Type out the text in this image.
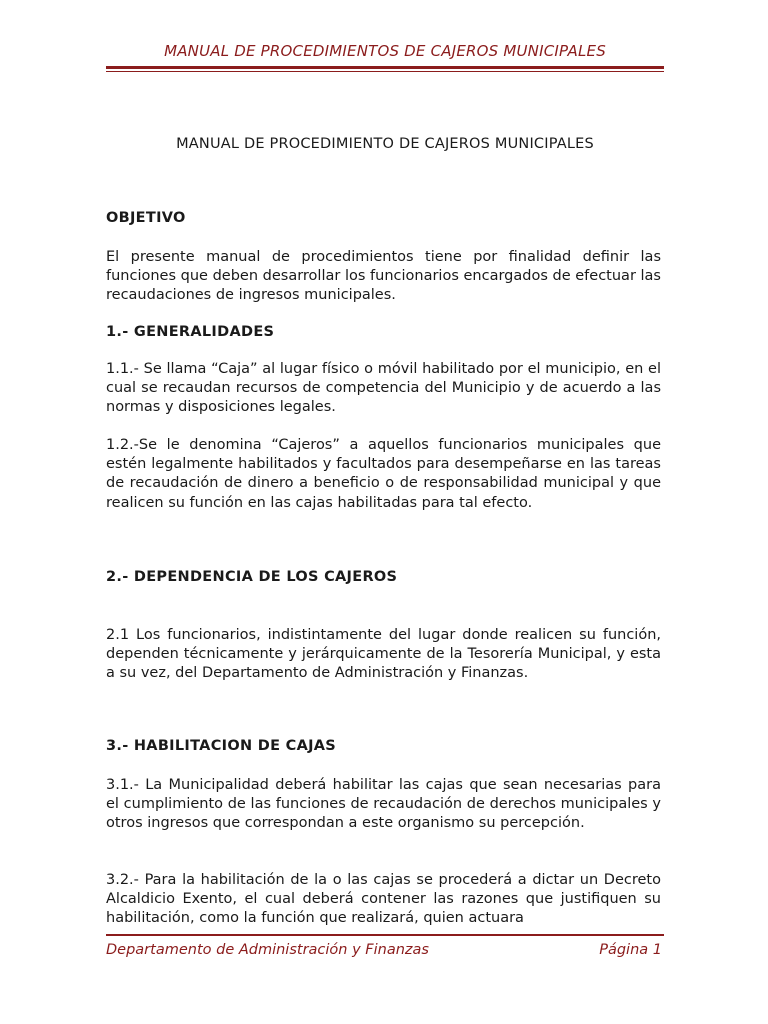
MANUAL DE PROCEDIMIENTOS DE CAJEROS MUNICIPALES
MANUAL DE PROCEDIMIENTO DE CAJEROS MUNICIPALES
OBJETIVO

El presente manual de procedimientos tiene por finalidad definir las funciones que deben desarrollar los funcionarios encargados de efectuar las recaudaciones de ingresos municipales.

1.- GENERALIDADES

1.1.- Se llama “Caja” al lugar físico o móvil habilitado por el municipio, en el cual se recaudan recursos de competencia del Municipio y de acuerdo a las normas y disposiciones legales.

1.2.-Se le denomina “Cajeros” a aquellos funcionarios municipales que estén legalmente habilitados y facultados para desempeñarse en las tareas de recaudación de dinero a beneficio o de responsabilidad municipal y que realicen su función en las cajas habilitadas para tal efecto.

2.- DEPENDENCIA DE LOS CAJEROS

2.1 Los funcionarios, indistintamente del lugar donde realicen su función, dependen técnicamente y jerárquicamente de la Tesorería Municipal, y esta a su vez, del Departamento de Administración y Finanzas.

3.- HABILITACION DE CAJAS

3.1.- La Municipalidad deberá habilitar las cajas que sean necesarias para el cumplimiento de las funciones de recaudación de derechos municipales y otros ingresos que correspondan a este organismo su percepción.

3.2.- Para la habilitación de la o las cajas se procederá a dictar un Decreto Alcaldicio Exento, el cual deberá contener las razones que justifiquen su habilitación, como la función que realizará, quien actuara

Departamento de Administración y Finanzas	Página 1
